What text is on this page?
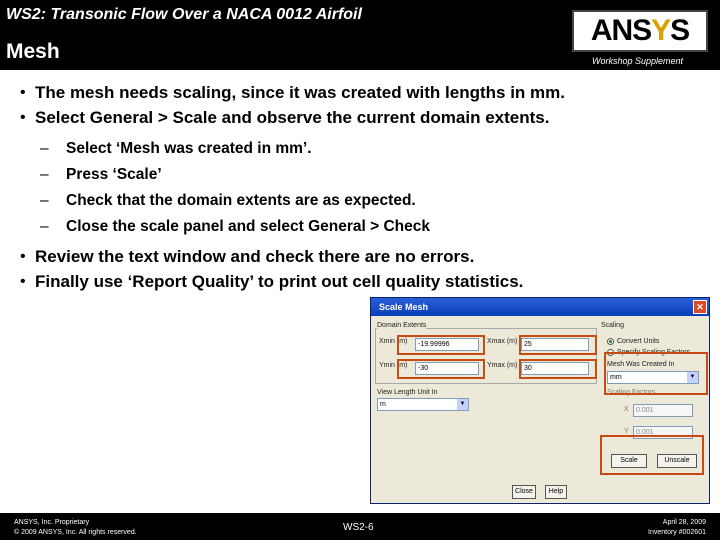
WS2: Transonic Flow Over a NACA 0012 Airfoil
Mesh
ANSYS
Workshop Supplement
• The mesh needs scaling, since it was created with lengths in mm.
• Select General > Scale and observe the current domain extents.
– Select ‘Mesh was created in mm’.
– Press ‘Scale’
– Check that the domain extents are as expected.
– Close the scale panel and select General > Check
• Review the text window and check there are no errors.
• Finally use ‘Report Quality’ to print out cell quality statistics.
Scale Mesh	✕
Domain Extents
Xmin (m)	-19.99996	Xmax (m) 25
Ymin (m)	-30	Ymax (m) 30
View Length Unit In
m	▼
Scaling
Convert Units
Specify Scaling Factors
Mesh Was Created In
mm	▼
Scaling Factors
X	0.001
Y	0.001
Scale	Unscale
Close	Help
ANSYS, Inc. Proprietary
© 2009 ANSYS, Inc. All rights reserved.	WS2-6	April 28, 2009
Inventory #002601
